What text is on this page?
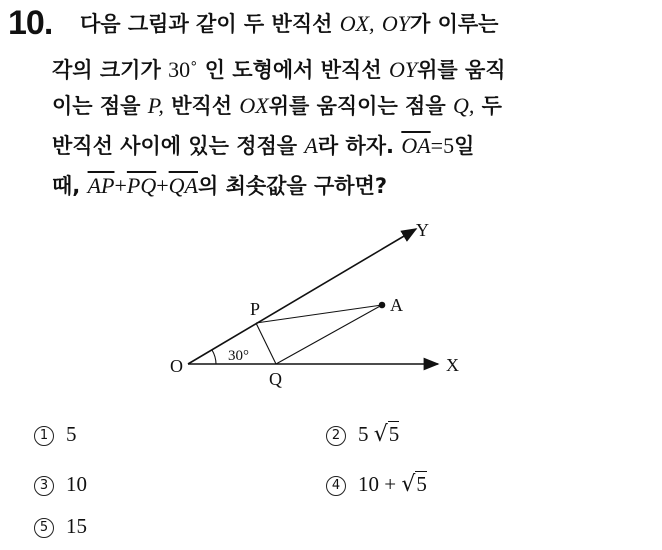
10. 다음 그림과 같이 두 반직선 OX, OY가 이루는
각의 크기가 30˚ 인 도형에서 반직선 OY위를 움직
이는 점을 P, 반직선 OX위를 움직이는 점을 Q, 두
반직선 사이에 있는 정점을 A라 하자. $\overline{OA}=5$일
때, $\overline{AP}+\overline{PQ}+\overline{QA}$의 최솟값을 구하면?
O	X
Y
P
Q
A
30°
1 5	2 5 √5
3 10	4 10 + √5
5 15
